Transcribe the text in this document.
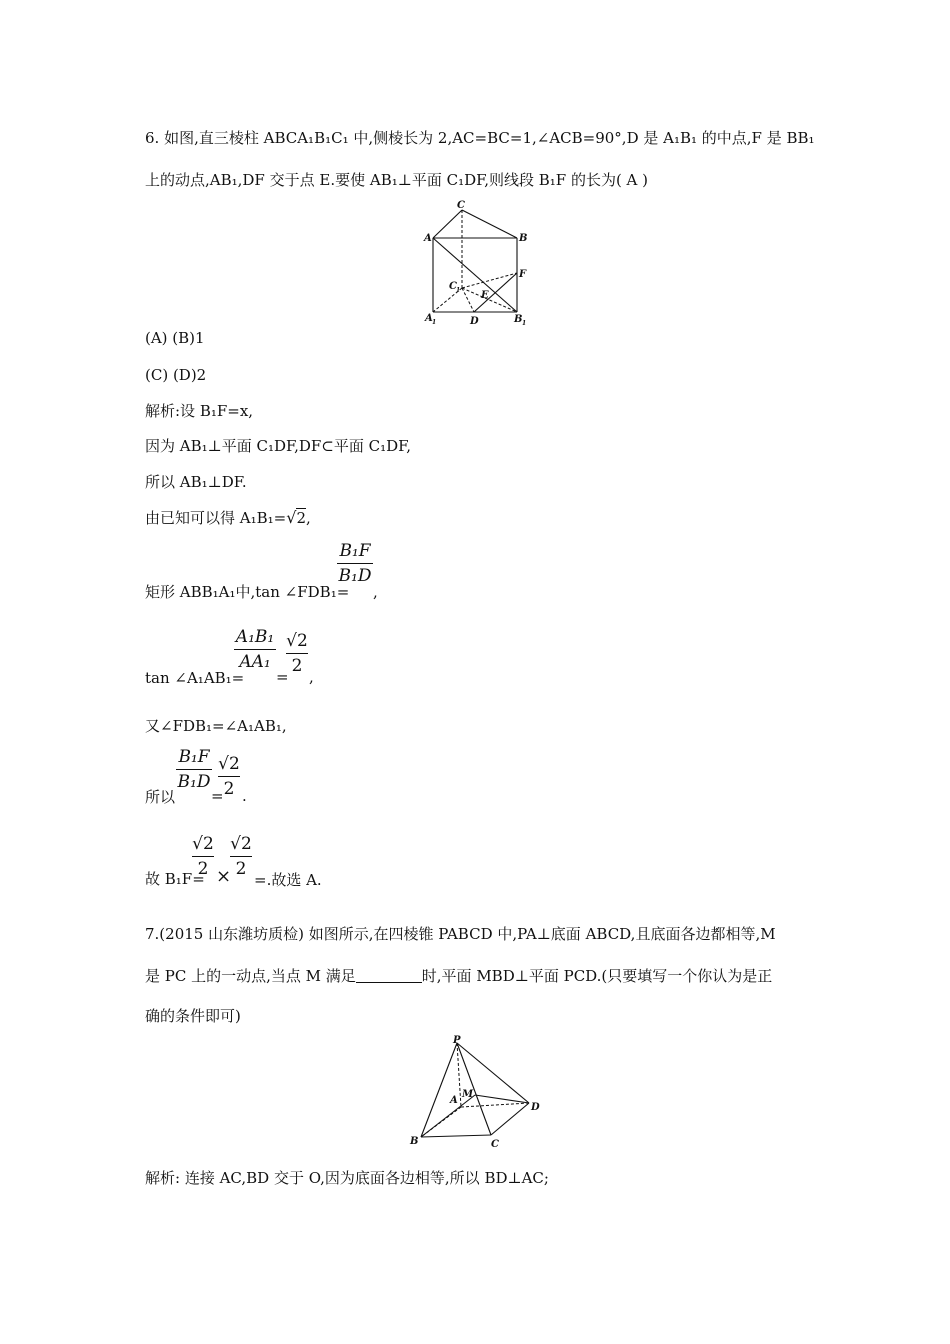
6. 如图,直三棱柱 ABCA₁B₁C₁ 中,侧棱长为 2,AC=BC=1,∠ACB=90°,D 是 A₁B₁ 的中点,F 是 BB₁
上的动点,AB₁,DF 交于点 E.要使 AB₁⊥平面 C₁DF,则线段 B₁F 的长为( A )
C
A	B
F
C 1 E
A 1	D	B 1
(A) (B)1
(C) (D)2
解析:设 B₁F=x,
因为 AB₁⊥平面 C₁DF,DF⊂平面 C₁DF,
所以 AB₁⊥DF.
由已知可以得 A₁B₁=√2,
矩形 ABB₁A₁中,tan ∠FDB₁=
B₁F
B₁D
,
tan ∠A₁AB₁=
A₁B₁
AA₁
=
√2
2
,
又∠FDB₁=∠A₁AB₁,
所以
B₁F
B₁D
=
√2
2 .
故 B₁F=
√2
2 ×
√2
2
=.故选 A.
7.(2015 山东潍坊质检) 如图所示,在四棱锥 PABCD 中,PA⊥底面 ABCD,且底面各边都相等,M
是 PC 上的一动点,当点 M 满足	时,平面 MBD⊥平面 PCD.(只要填写一个你认为是正
确的条件即可)
P
A
M
D
B	C
解析: 连接 AC,BD 交于 O,因为底面各边相等,所以 BD⊥AC;
